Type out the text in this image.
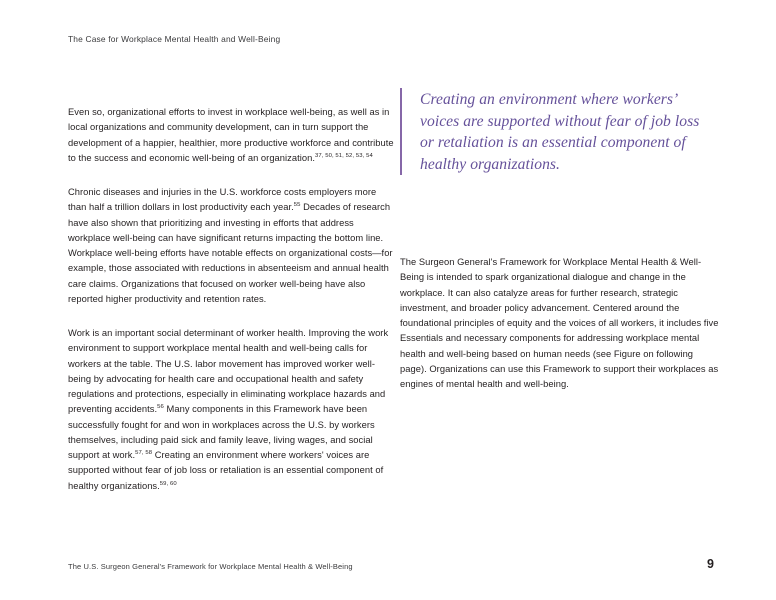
The Case for Workplace Mental Health and Well-Being

Even so, organizational efforts to invest in workplace well-being, as well as in local organizations and community development, can in turn support the development of a happier, healthier, more productive workforce and contribute to the success and economic well-being of an organization.$^{37, 50, 51, 52, 53, 54}$

Chronic diseases and injuries in the U.S. workforce costs employers more than half a trillion dollars in lost productivity each year.$^{55}$ Decades of research have also shown that prioritizing and investing in efforts that address workplace well-being can have significant returns impacting the bottom line. Workplace well-being efforts have notable effects on organizational costs—for example, those associated with reductions in absenteeism and annual health care claims. Organizations that focused on worker well-being have also reported higher productivity and retention rates.

Work is an important social determinant of worker health. Improving the work environment to support workplace mental health and well-being calls for workers at the table. The U.S. labor movement has improved worker well-being by advocating for health care and occupational health and safety regulations and protections, especially in eliminating workplace hazards and preventing accidents.$^{56}$ Many components in this Framework have been successfully fought for and won in workplaces across the U.S. by workers themselves, including paid sick and family leave, living wages, and social support at work.$^{57, 58}$ Creating an environment where workers' voices are supported without fear of job loss or retaliation is an essential component of healthy organizations.$^{59, 60}$

Creating an environment where workers’ voices are supported without fear of job loss or retaliation is an essential component of healthy organizations.

The Surgeon General's Framework for Workplace Mental Health & Well-Being is intended to spark organizational dialogue and change in the workplace. It can also catalyze areas for further research, strategic investment, and broader policy advancement. Centered around the foundational principles of equity and the voices of all workers, it includes five Essentials and necessary components for addressing workplace mental health and well-being based on human needs (see Figure on following page). Organizations can use this Framework to support their workplaces as engines of mental health and well-being.

The U.S. Surgeon General's Framework for Workplace Mental Health & Well-Being	9
